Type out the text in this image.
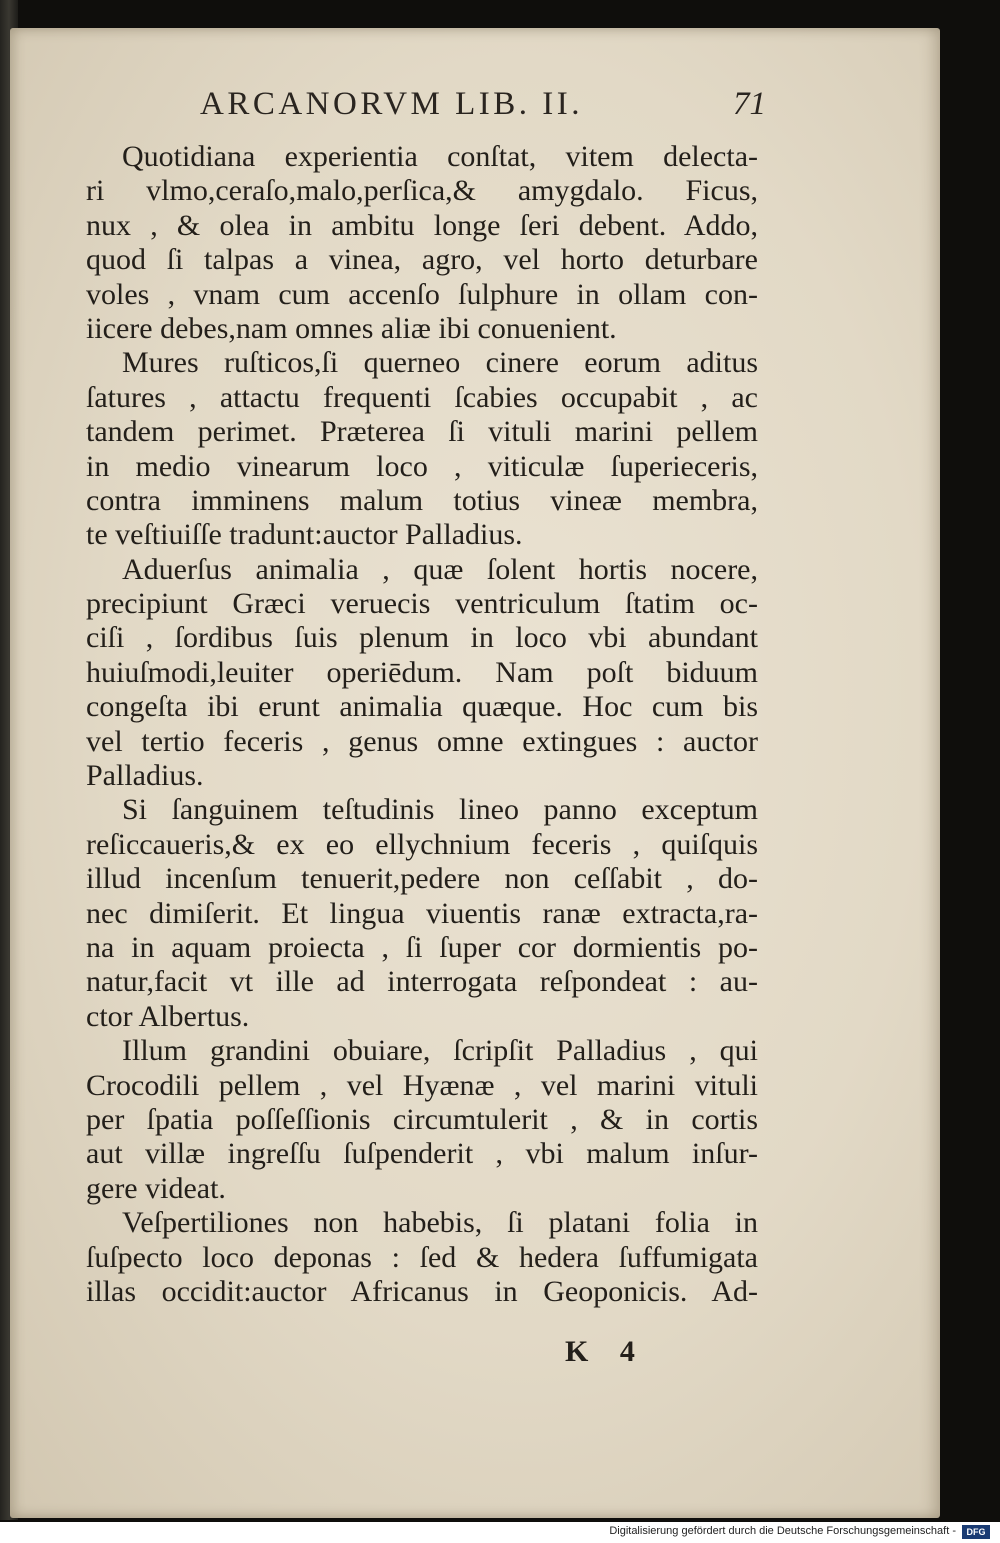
ARCANORVM LIB. II.	71
Quotidiana experientia conſtat, vitem delecta-
ri vlmo,ceraſo,malo,perſica,& amygdalo. Ficus,
nux , & olea in ambitu longe ſeri debent. Addo,
quod ſi talpas a vinea, agro, vel horto deturbare
voles , vnam cum accenſo ſulphure in ollam con-
iicere debes,nam omnes aliæ ibi conuenient.
Mures ruſticos,ſi querneo cinere eorum aditus
ſatures , attactu frequenti ſcabies occupabit , ac
tandem perimet. Præterea ſi vituli marini pellem
in medio vinearum loco , viticulæ ſuperieceris,
contra imminens malum totius vineæ membra,
te veſtiuiſſe tradunt:auctor Palladius.
Aduerſus animalia , quæ ſolent hortis nocere,
precipiunt Græci veruecis ventriculum ſtatim oc-
ciſi , ſordibus ſuis plenum in loco vbi abundant
huiuſmodi,leuiter operiēdum. Nam poſt biduum
congeſta ibi erunt animalia quæque. Hoc cum bis
vel tertio feceris , genus omne extingues : auctor
Palladius.
Si ſanguinem teſtudinis lineo panno exceptum
reſiccaueris,& ex eo ellychnium feceris , quiſquis
illud incenſum tenuerit,pedere non ceſſabit , do-
nec dimiſerit. Et lingua viuentis ranæ extracta,ra-
na in aquam proiecta , ſi ſuper cor dormientis po-
natur,facit vt ille ad interrogata reſpondeat : au-
ctor Albertus.
Illum grandini obuiare, ſcripſit Palladius , qui
Crocodili pellem , vel Hyænæ , vel marini vituli
per ſpatia poſſeſſionis circumtulerit , & in cortis
aut villæ ingreſſu ſuſpenderit , vbi malum inſur-
gere videat.
Veſpertiliones non habebis, ſi platani folia in
ſuſpecto loco deponas : ſed & hedera ſuffumigata
illas occidit:auctor Africanus in Geoponicis. Ad-
K 4
Digitalisierung gefördert durch die Deutsche Forschungsgemeinschaft -	DFG
